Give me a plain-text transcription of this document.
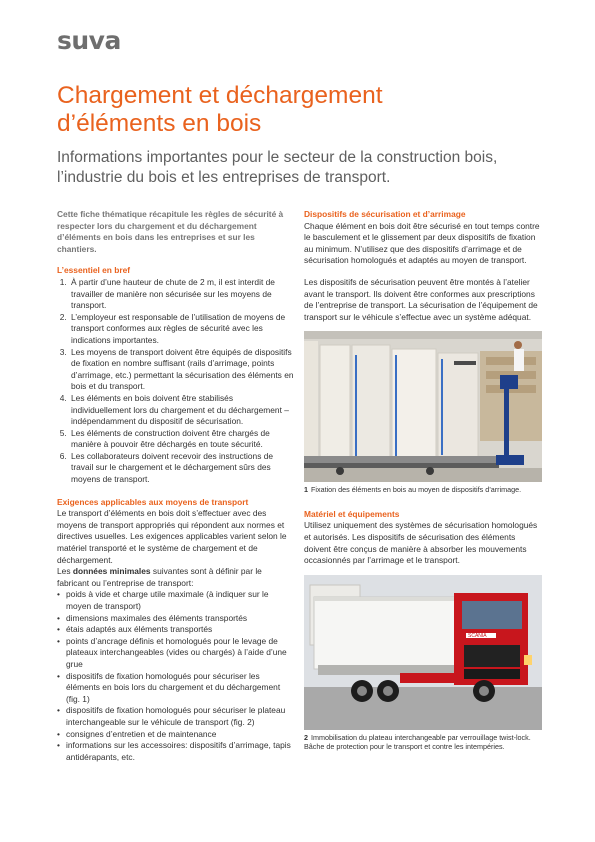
suva
Chargement et déchargement
d’éléments en bois

Informations importantes pour le secteur de la construction bois, l’industrie du bois et les entreprises de transport.

Cette fiche thématique récapitule les règles de sécurité à respecter lors du chargement et du déchargement d’éléments en bois dans les entreprises et sur les chantiers.

L’essentiel en bref
1. À partir d’une hauteur de chute de 2 m, il est interdit de travailler de manière non sécurisée sur les moyens de transport.
2. L’employeur est responsable de l’utilisation de moyens de transport conformes aux règles de sécurité avec les indications importantes.
3. Les moyens de transport doivent être équipés de dispositifs de fixation en nombre suffisant (rails d’arrimage, points d’arrimage, etc.) permettant la sécurisation des éléments en bois et du transport.
4. Les éléments en bois doivent être stabilisés individuellement lors du chargement et du déchargement – indépendamment du dispositif de sécurisation.
5. Les éléments de construction doivent être chargés de manière à pouvoir être déchargés en toute sécurité.
6. Les collaborateurs doivent recevoir des instructions de travail sur le chargement et le déchargement sûrs des moyens de transport.
Exigences applicables aux moyens de transport

Le transport d’éléments en bois doit s’effectuer avec des moyens de transport appropriés qui répondent aux normes et directives usuelles. Les exigences applicables varient selon le matériel transporté et le système de chargement et de déchargement.

Les données minimales suivantes sont à définir par le fabricant ou l’entreprise de transport:

• poids à vide et charge utile maximale (à indiquer sur le moyen de transport)
• dimensions maximales des éléments transportés
• étais adaptés aux éléments transportés
• points d’ancrage définis et homologués pour le levage de plateaux interchangeables (vides ou chargés) à l’aide d’une grue
• dispositifs de fixation homologués pour sécuriser les éléments en bois lors du chargement et du déchargement (fig. 1)
• dispositifs de fixation homologués pour sécuriser le plateau interchangeable sur le véhicule de transport (fig. 2)
• consignes d’entretien et de maintenance
• informations sur les accessoires: dispositifs d’arrimage, tapis antidérapants, etc.
Dispositifs de sécurisation et d’arrimage

Chaque élément en bois doit être sécurisé en tout temps contre le basculement et le glissement par deux dispositifs de fixation au minimum. N’utilisez que des dispositifs d’arrimage et de sécurisation homologués et adaptés au moyen de transport.

Les dispositifs de sécurisation peuvent être montés à l’atelier avant le transport. Ils doivent être conformes aux prescriptions de l’entreprise de transport. La sécurisation de l’équipement de transport sur le véhicule s’effectue avec un système adéquat.

1 Fixation des éléments en bois au moyen de dispositifs d’arrimage.
Matériel et équipements

Utilisez uniquement des systèmes de sécurisation homologués et autorisés. Les dispositifs de sécurisation des éléments doivent être conçus de manière à absorber les mouvements occasionnés par l’arrimage et le transport.

SCANIA
2 Immobilisation du plateau interchangeable par verrouillage twist-lock. Bâche de protection pour le transport et contre les intempéries.
